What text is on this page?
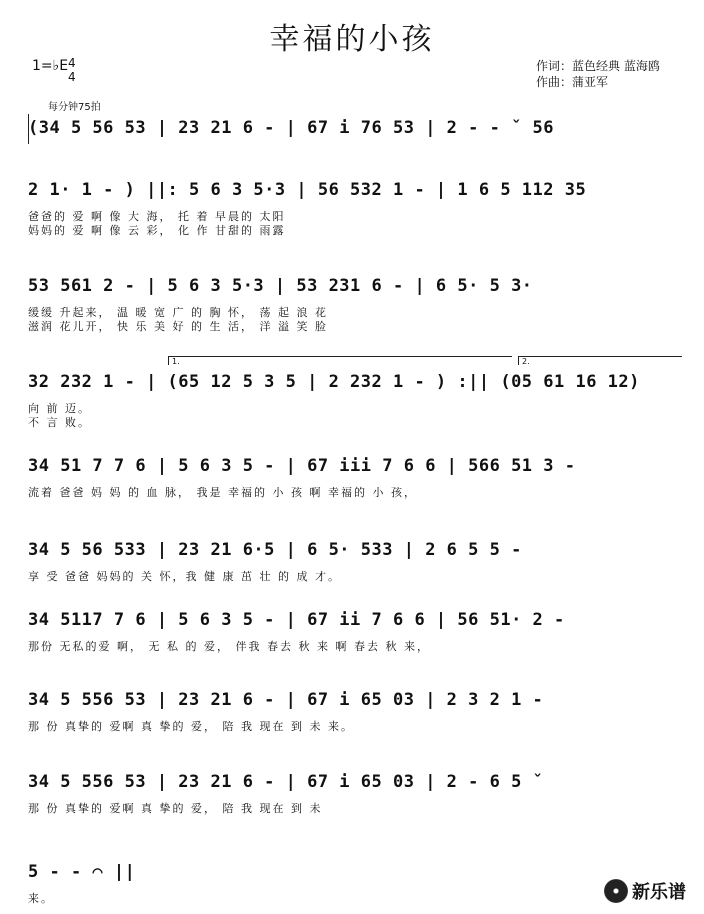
幸福的小孩
1=♭E 4
4
每分钟75拍
作词：蓝色经典 蓝海鸥
作曲：蒲亚军
(34 5 56 53 | 23 21 6 - | 67 i 76 53 | 2 - - ˇ 56
2 1· 1 - ) ||: 5 6 3 5·3 | 56 532 1 - | 1 6 5 112 35
爸爸的 爱 啊 像 大 海， 托 着 早晨的 太阳
妈妈的 爱 啊 像 云 彩， 化 作 甘甜的 雨露
53 561 2 - | 5 6 3 5·3 | 53 231 6 - | 6 5· 5 3·
缓缓 升起来， 温 暖 宽 广 的 胸 怀， 荡 起 浪 花
滋润 花儿开， 快 乐 美 好 的 生 活， 洋 溢 笑 脸
1.	2.
32 232 1 - | (65 12 5 3 5 | 2 232 1 - ) :|| (05 61 16 12)
向 前 迈。
不 言 败。
34 51 7 7 6 | 5 6 3 5 - | 67 iii 7 6 6 | 566 51 3 -
流着 爸爸 妈 妈 的 血 脉， 我是 幸福的 小 孩 啊 幸福的 小 孩，
34 5 56 533 | 23 21 6·5 | 6 5· 533 | 2 6 5 5 -
享 受 爸爸 妈妈的 关 怀，我 健 康 茁 壮 的 成 才。
34 5117 7 6 | 5 6 3 5 - | 67 ii 7 6 6 | 56 51· 2 -
那份 无私的爱 啊， 无 私 的 爱， 伴我 春去 秋 来 啊 春去 秋 来，
34 5 556 53 | 23 21 6 - | 67 i 65 03 | 2 3 2 1 -
那 份 真挚的 爱啊 真 挚的 爱， 陪 我 现在 到 未 来。
34 5 556 53 | 23 21 6 - | 67 i 65 03 | 2 - 6 5 ˇ
那 份 真挚的 爱啊 真 挚的 爱， 陪 我 现在 到 未
5 - - ⌒ ||
来。	新乐谱
